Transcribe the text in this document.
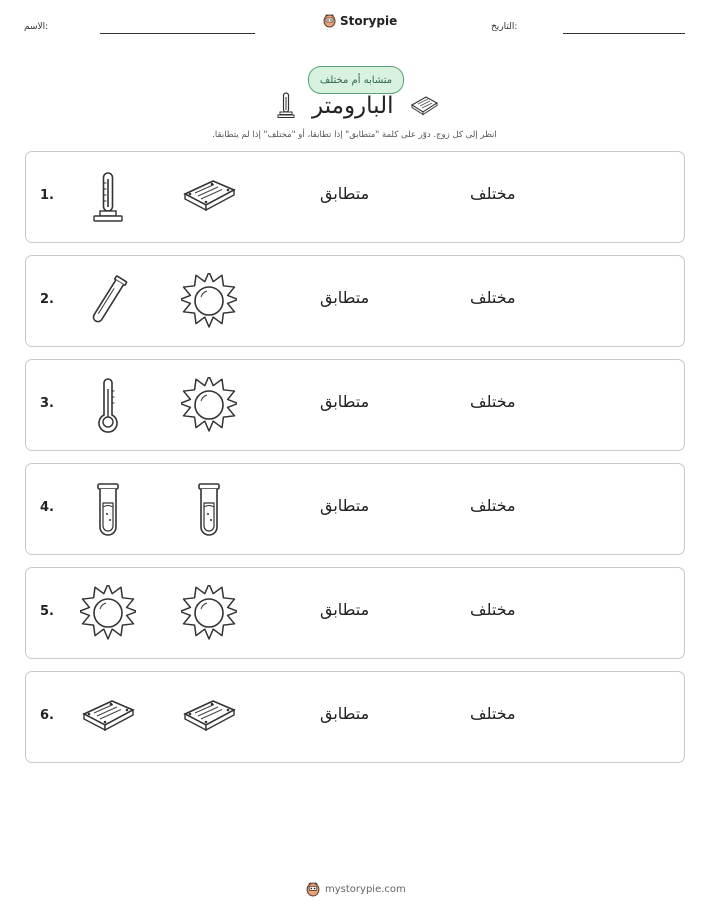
الاسم:	Storypie	التاريخ:
متشابه أم مختلف
البارومتر
انظر إلى كل زوج. دوّر على كلمة "متطابق" إذا تطابقا، أو "مختلف" إذا لم يتطابقا.
1.	متطابق	مختلف
2.	متطابق	مختلف
3.	متطابق	مختلف
4.	متطابق	مختلف
5.	متطابق	مختلف
6.	متطابق	مختلف
mystorypie.com
